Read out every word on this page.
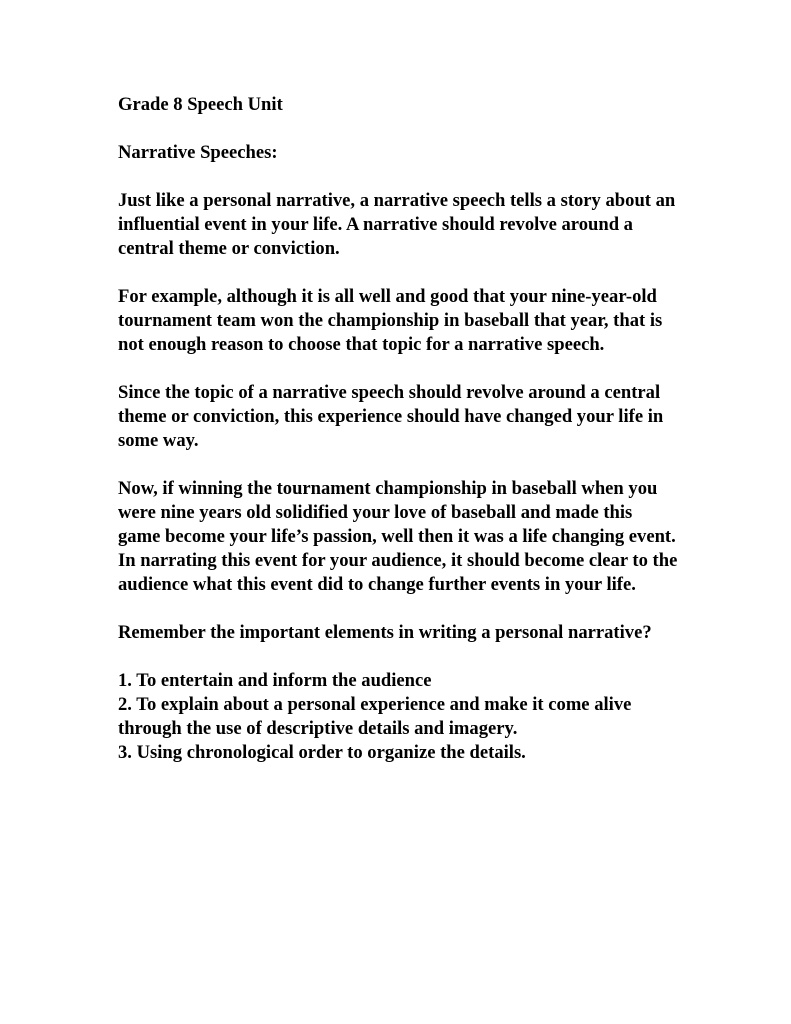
Grade 8 Speech Unit

Narrative Speeches:

Just like a personal narrative, a narrative speech tells a story about an influential event in your life. A narrative should revolve around a central theme or conviction.

For example, although it is all well and good that your nine-year-old tournament team won the championship in baseball that year, that is not enough reason to choose that topic for a narrative speech.

Since the topic of a narrative speech should revolve around a central theme or conviction, this experience should have changed your life in some way.

Now, if winning the tournament championship in baseball when you were nine years old solidified your love of baseball and made this game become your life’s passion, well then it was a life changing event. In narrating this event for your audience, it should become clear to the audience what this event did to change further events in your life.

Remember the important elements in writing a personal narrative?

1. To entertain and inform the audience
2. To explain about a personal experience and make it come alive through the use of descriptive details and imagery.
3. Using chronological order to organize the details.
